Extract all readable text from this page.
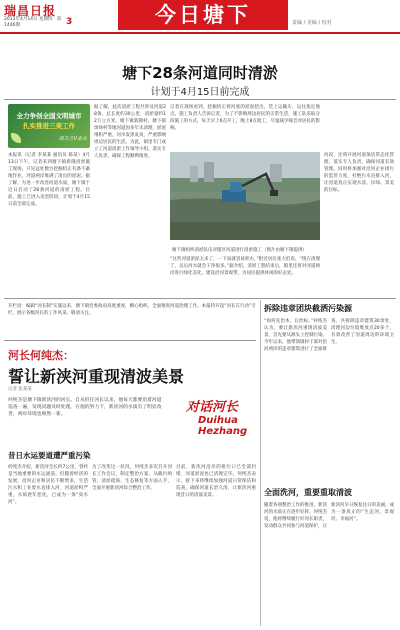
瑞昌日报
2011年4月14日 星期四 · 第1446期	3	今日塘下	责编 / 美编 / 校对
塘下28条河道同时清淤
计划于4月15日前完成
全力争创全国文明城市
扎实推进三美工作
剥夫方V来水
本报讯（记者 李某某 通讯员 陈某）4月13日下午，记者来到塘下镇新隆清淤施工现场，只见远处数台挖掘机正有条不紊地作业，河道两岸堆满了清出的淤泥。据了解，为进一步改善河道水质，塘下镇于近日启动了28条河道的清淤工程。目前，施工已进入攻坚阶段，计划于4月15日前全部完成。
据了解，此次清淤工程共涉及河道28条，总长度约30公里，清淤量约12万立方米。塘下镇新隆村、塘下镇场场村等地河道因多年未清理，淤泥堆积严重，河水发黑发臭，严重影响周边居民的生活。为此，镇里专门成立了河道清淤工作领导小组，落实专人负责，确保工程顺利推进。
记者在现场看到，挖掘机正将河底的淤泥挖出，装上运输车，运往指定地点。施工负责人告诉记者，为了不影响周边居民的正常生活，施工队采取分段施工的方式，每天早上6点开工，晚上8点收工，尽量减少噪音对居民的影响。
“这些河道淤泥太多了，一下雨就容易积水，”附近居民张大伯说，“现在清理了，以后河水就会干净很多。”据介绍，清淤工程结束后，镇里还将对河道两岸进行绿化美化，建设沿河景观带，为居民提供休闲的好去处。
河段，还将开展河道保洁常态化管理，落实专人负责，确保河道长效管理。同时将加强对沿河企业排污的监管力度，杜绝污水直排入河，让河道真正实现水清、岸绿、景美的目标。
塘下镇组织清淤队伍对辖区河道进行清淤施工（图片由塘下镇提供）
开栏语：编辑“河长制”实施以来，塘下镇党委政府高度重视，精心组织，全面推进河道治理工作。本报特开设“河长在行动”专栏，展示各级河长的工作风采。敬请关注。
河长何纯杰：
誓让新浃河重现清波美景
记者 张某某
何纯杰是塘下镇新浃河的河长。自从担任河长以来，他每天都要沿着河道巡查一遍，发现问题及时处理。在他的努力下，新浃河的水质有了明显改善，两岸环境也焕然一新。	对话河长
Duihua Hezhang
昔日水运要道遭严重污染
何纯杰介绍，新浃河全长约7公里，曾经是当地重要的水运通道。但随着经济的发展，沿河企业和居民不断增多，生活污水和工业废水直排入河，河道淤积严重，水质逐年恶化，已成为一条“臭水河”。
为了改变这一状况，何纯杰多次召开河长工作会议，制定整治方案，从截污纳管、清淤疏浚、生态修复等方面入手，全面开展新浃河综合整治工作。
目前，新浃河沿岸的排污口已全部封堵，河道淤泥也已清理完毕。何纯杰表示，接下来将继续加强河道日常保洁和巡查，确保河道长治久清，让新浃河重现昔日的清波美景。
拆除违章团块截洒污染源
“如何先治本，后治标。”何纯杰认为，要让新浃河重现清波美景，首先要从源头上控制污染。今年以来，他带领镇村干部对沿河两岸的违章建筑进行了全面排查，共拆除违章建筑30余处，清理河边垃圾堆放点20多个，有效改善了河道周边的环境卫生。
全面洗河，重要重取清波
随着各项整治工作的推进，新浃河的水质正在逐步好转。何纯杰说，他将继续履行好河长职责，发动群众共同参与河道保护，让新浃河早日恢复往日的美丽，成为一条真正的“生态河、景观河、幸福河”。
